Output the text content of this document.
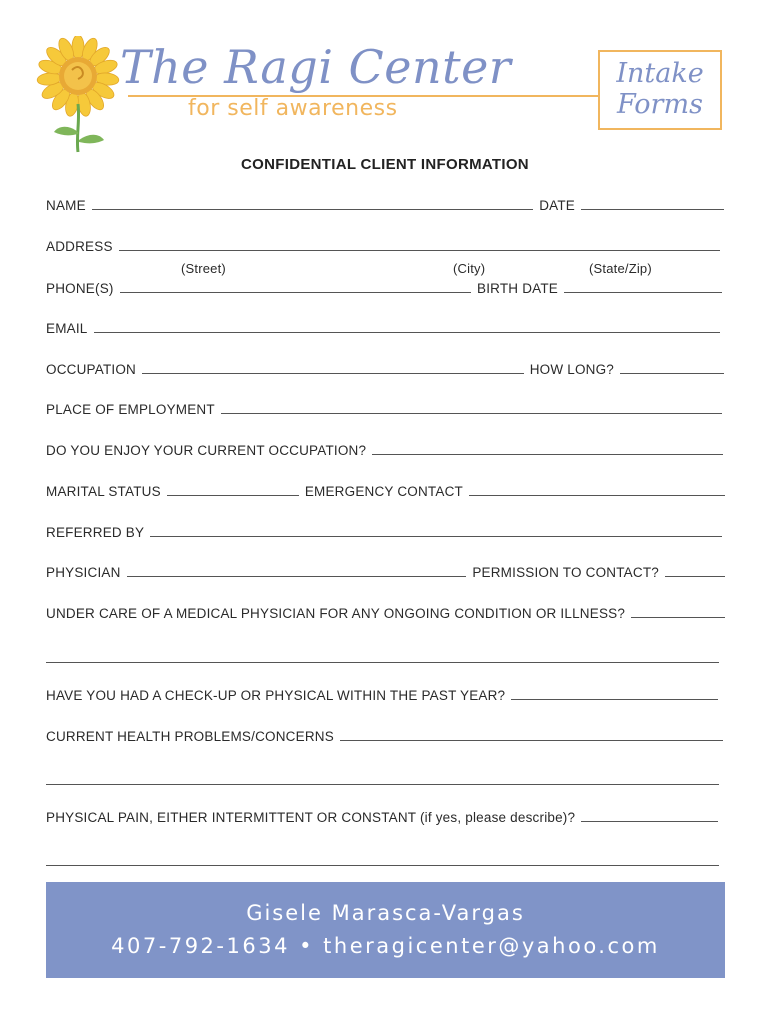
The Ragi Center
for self awareness
Intake
Forms
CONFIDENTIAL CLIENT INFORMATION
NAME	DATE
ADDRESS
(Street)	(City)	(State/Zip)
PHONE(S)	BIRTH DATE
EMAIL
OCCUPATION	HOW LONG?
PLACE OF EMPLOYMENT
DO YOU ENJOY YOUR CURRENT OCCUPATION?
MARITAL STATUS	EMERGENCY CONTACT
REFERRED BY
PHYSICIAN	PERMISSION TO CONTACT?
UNDER CARE OF A MEDICAL PHYSICIAN FOR ANY ONGOING CONDITION OR ILLNESS?
HAVE YOU HAD A CHECK-UP OR PHYSICAL WITHIN THE PAST YEAR?
CURRENT HEALTH PROBLEMS/CONCERNS
PHYSICAL PAIN, EITHER INTERMITTENT OR CONSTANT (if yes, please describe)?
Gisele Marasca-Vargas
407-792-1634 • theragicenter@yahoo.com
